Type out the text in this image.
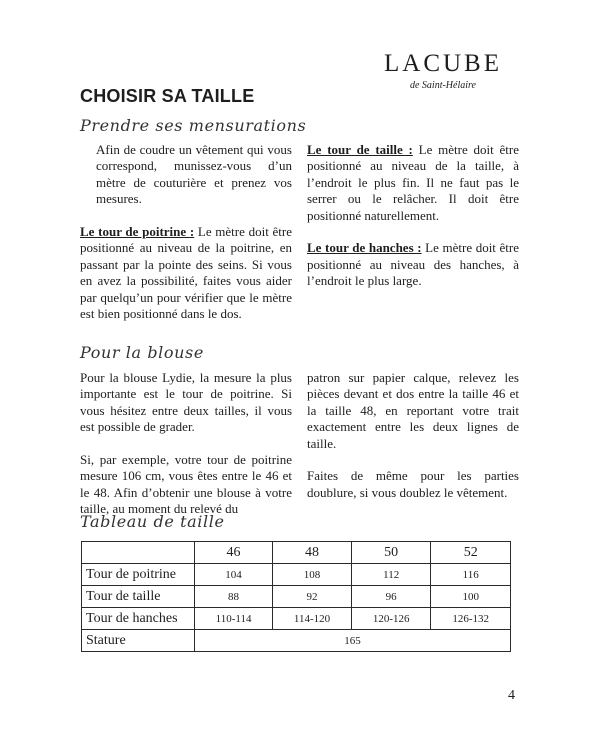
LACUBE
de Saint-Hélaire
CHOISIR SA TAILLE
Prendre ses mensurations

Afin de coudre un vêtement qui vous correspond, munissez-vous d’un mètre de couturière et prenez vos mesures.

Le tour de poitrine : Le mètre doit être positionné au niveau de la poitrine, en passant par la pointe des seins. Si vous en avez la possibilité, faites vous aider par quelqu’un pour vérifier que le mètre est bien positionné dans le dos.

Le tour de taille : Le mètre doit être positionné au niveau de la taille, à l’endroit le plus fin. Il ne faut pas le serrer ou le relâcher. Il doit être positionné naturellement.

Le tour de hanches : Le mètre doit être positionné au niveau des hanches, à l’endroit le plus large.

Pour la blouse

Pour la blouse Lydie, la mesure la plus importante est le tour de poitrine. Si vous hésitez entre deux tailles, il vous est possible de grader.

Si, par exemple, votre tour de poitrine mesure 106 cm, vous êtes entre le 46 et le 48. Afin d’obtenir une blouse à votre taille, au moment du relevé du

patron sur papier calque, relevez les pièces devant et dos entre la taille 46 et la taille 48, en reportant votre trait exactement entre les deux lignes de taille.

Faites de même pour les parties doublure, si vous doublez le vêtement.

Tableau de taille
	46	48	50	52
Tour de poitrine	104	108	112	116
Tour de taille	88	92	96	100
Tour de hanches	110-114	114-120	120-126	126-132
Stature	165			
4
